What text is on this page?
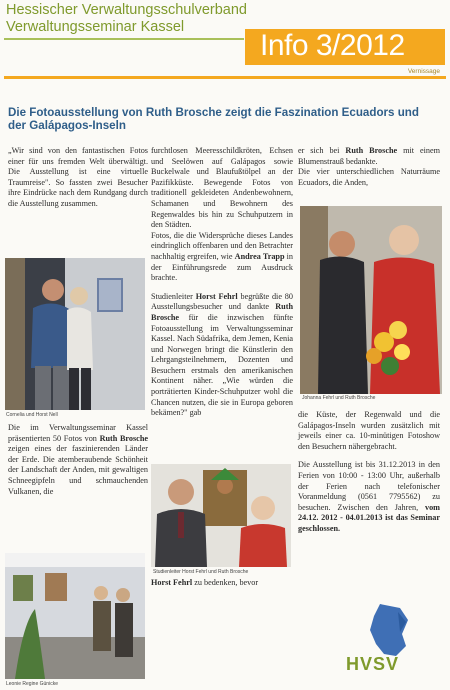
Hessischer Verwaltungsschulverband
Verwaltungsseminar Kassel
Info 3/2012
Vernissage
Die Fotoausstellung von Ruth Brosche zeigt die Faszination Ecuadors und der Galápagos-Inseln

„Wir sind von den fantastischen Fotos einer für uns fremden Welt überwältigt. Die Ausstellung ist eine virtuelle Traumreise". So fassten zwei Besucher ihre Eindrücke nach dem Rundgang durch die Ausstellung zusammen.

Cornelia und Horst Nell

Die im Verwaltungsseminar Kassel präsentierten 50 Fotos von Ruth Brosche zeigen eines der faszinierenden Länder der Erde. Die atemberaubende Schönheit der Landschaft der Anden, mit gewaltigen Schneegipfeln und schmauchenden Vulkanen, die

Leonie Regine Günicke

furchtlosen Meeresschildkröten, Echsen und Seelöwen auf Galápagos sowie Buckelwale und Blaufußtölpel an der Pazifikküste. Bewegende Fotos von traditionell gekleideten Andenbewohnern, Schamanen und Bewohnern des Regenwaldes bis hin zu Schuhputzern in den Städten.

Fotos, die die Widersprüche dieses Landes eindringlich offenbaren und den Betrachter nachhaltig ergreifen, wie Andrea Trapp in der Einführungsrede zum Ausdruck brachte.

Studienleiter Horst Fehrl begrüßte die 80 Ausstellungsbesucher und dankte Ruth Brosche für die inzwischen fünfte Fotoausstellung im Verwaltungsseminar Kassel. Nach Südafrika, dem Jemen, Kenia und Norwegen bringt die Künstlerin den Lehrgangsteilnehmern, Dozenten und Besuchern erstmals den amerikanischen Kontinent näher. „Wie würden die porträtierten Kinder-Schuhputzer wohl die Chancen nutzen, die sie in Europa geboren bekämen?" gab

Studienleiter Horst Fehrl und Ruth Brosche

Horst Fehrl zu bedenken, bevor

er sich bei Ruth Brosche mit einem Blumenstrauß bedankte.

Die vier unterschiedlichen Naturräume Ecuadors, die Anden,

Johanna Fehrl und Ruth Brosche

die Küste, der Regenwald und die Galápagos-Inseln wurden zusätzlich mit jeweils einer ca. 10-minütigen Fotoshow den Besuchern nähergebracht.

Die Ausstellung ist bis 31.12.2013 in den Ferien von 10:00 - 13:00 Uhr, außerhalb der Ferien nach telefonischer Voranmeldung (0561 7795562) zu besuchen. Zwischen den Jahren, vom 24.12. 2012 - 04.01.2013 ist das Seminar geschlossen.

HVSV
